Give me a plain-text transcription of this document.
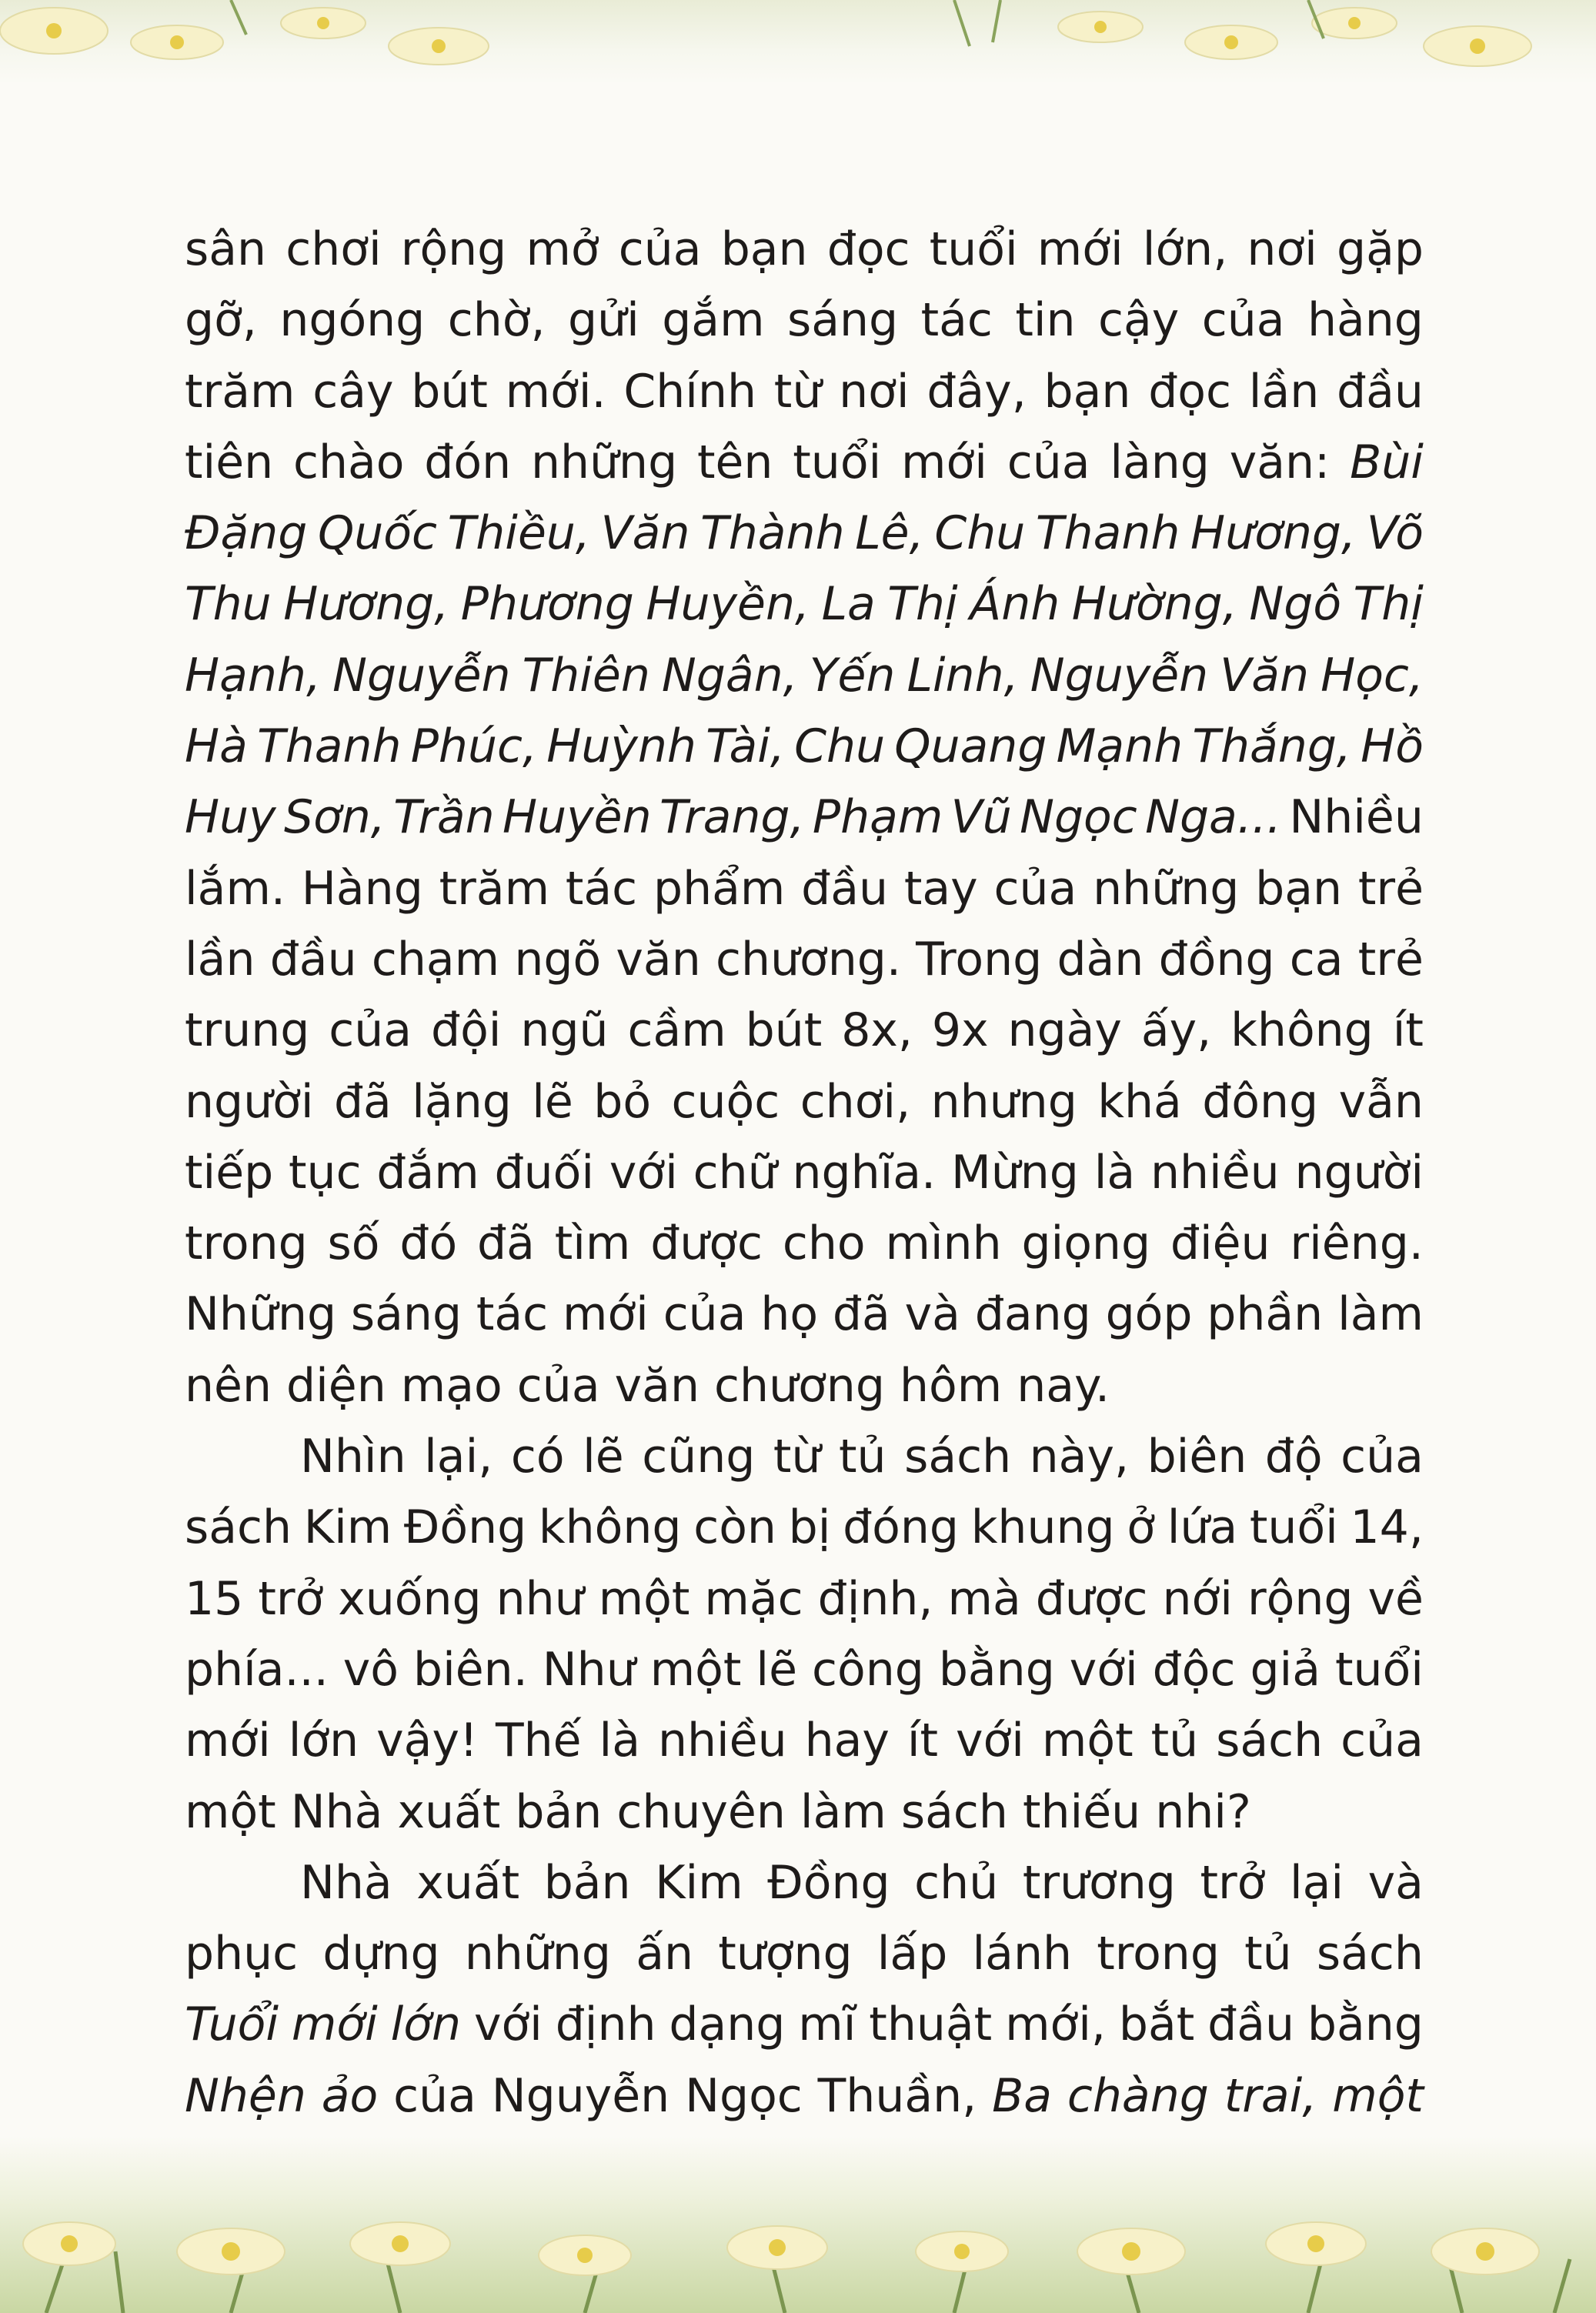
sân chơi rộng mở của bạn đọc tuổi mới lớn, nơi gặp
gỡ, ngóng chờ, gửi gắm sáng tác tin cậy của hàng
trăm cây bút mới. Chính từ nơi đây, bạn đọc lần đầu
tiên chào đón những tên tuổi mới của làng văn: Bùi
Đặng Quốc Thiều, Văn Thành Lê, Chu Thanh Hương, Võ
Thu Hương, Phương Huyền, La Thị Ánh Hường, Ngô Thị
Hạnh, Nguyễn Thiên Ngân, Yến Linh, Nguyễn Văn Học,
Hà Thanh Phúc, Huỳnh Tài, Chu Quang Mạnh Thắng, Hồ
Huy Sơn, Trần Huyền Trang, Phạm Vũ Ngọc Nga... Nhiều
lắm. Hàng trăm tác phẩm đầu tay của những bạn trẻ
lần đầu chạm ngõ văn chương. Trong dàn đồng ca trẻ
trung của đội ngũ cầm bút 8x, 9x ngày ấy, không ít
người đã lặng lẽ bỏ cuộc chơi, nhưng khá đông vẫn
tiếp tục đắm đuối với chữ nghĩa. Mừng là nhiều người
trong số đó đã tìm được cho mình giọng điệu riêng.
Những sáng tác mới của họ đã và đang góp phần làm
nên diện mạo của văn chương hôm nay.
Nhìn lại, có lẽ cũng từ tủ sách này, biên độ của
sách Kim Đồng không còn bị đóng khung ở lứa tuổi 14,
15 trở xuống như một mặc định, mà được nới rộng về
phía... vô biên. Như một lẽ công bằng với độc giả tuổi
mới lớn vậy! Thế là nhiều hay ít với một tủ sách của
một Nhà xuất bản chuyên làm sách thiếu nhi?
Nhà xuất bản Kim Đồng chủ trương trở lại và
phục dựng những ấn tượng lấp lánh trong tủ sách
Tuổi mới lớn với định dạng mĩ thuật mới, bắt đầu bằng
Nhện ảo của Nguyễn Ngọc Thuần, Ba chàng trai, một
